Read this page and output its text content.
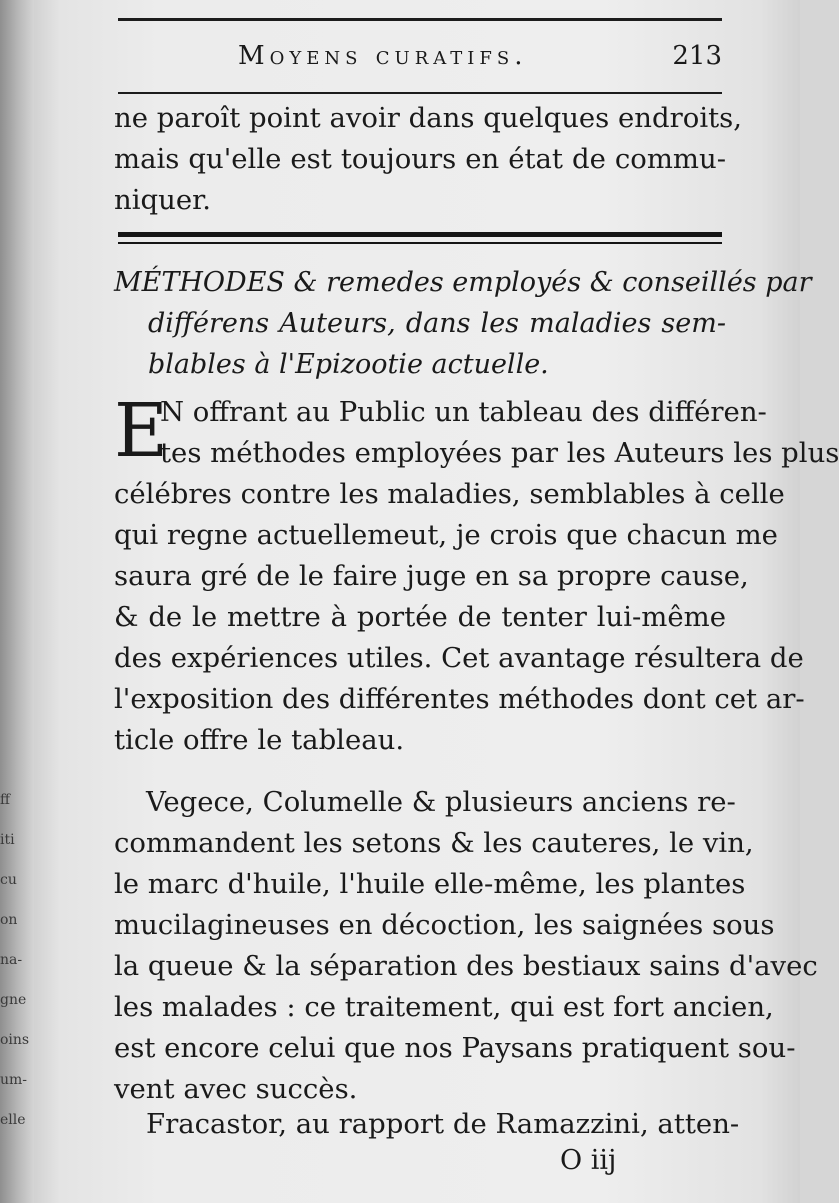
ff
iti
cu
on
na-
gne
oins
um-
elle
Moyens curatifs.	213
ne paroît point avoir dans quelques endroits,
mais qu'elle est toujours en état de commu-
niquer.
MÉTHODES & remedes employés & conseillés par
différens Auteurs, dans les maladies sem-
blables à l'Epizootie actuelle.
E
N offrant au Public un tableau des différen-
tes méthodes employées par les Auteurs les plus
célébres contre les maladies, semblables à celle
qui regne actuellemeut, je crois que chacun me
saura gré de le faire juge en sa propre cause,
& de le mettre à portée de tenter lui-même
des expériences utiles. Cet avantage résultera de
l'exposition des différentes méthodes dont cet ar-
ticle offre le tableau.
Vegece, Columelle & plusieurs anciens re-
commandent les setons & les cauteres, le vin,
le marc d'huile, l'huile elle-même, les plantes
mucilagineuses en décoction, les saignées sous
la queue & la séparation des bestiaux sains d'avec
les malades : ce traitement, qui est fort ancien,
est encore celui que nos Paysans pratiquent sou-
vent avec succès.
Fracastor, au rapport de Ramazzini, atten-
O iij
